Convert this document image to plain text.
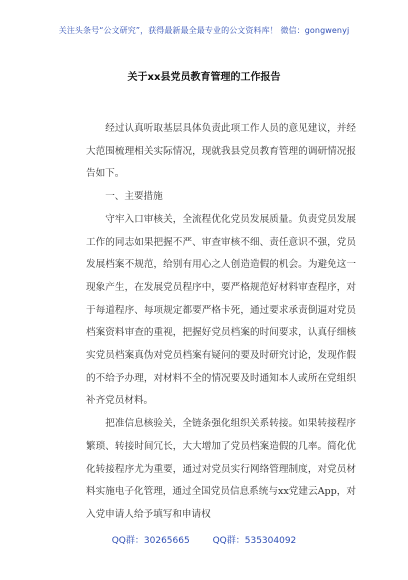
关注头条号“公文研究”，获得最新最全最专业的公文资料库！ 微信：gongwenyj
关于xx县党员教育管理的工作报告

经过认真听取基层具体负责此项工作人员的意见建议，并经大范围梳理相关实际情况，现就我县党员教育管理的调研情况报告如下。

一、主要措施

守牢入口审核关，全流程优化党员发展质量。负责党员发展工作的同志如果把握不严、审查审核不细、责任意识不强，党员发展档案不规范，给别有用心之人创造造假的机会。为避免这一现象产生，在发展党员程序中，要严格规范好材料审查程序，对于每道程序、每项规定都要严格卡死，通过要求承责倒逼对党员档案资料审查的重视，把握好党员档案的时间要求，认真仔细核实党员档案真伪对党员档案有疑问的要及时研究讨论，发现作假的不给予办理，对材料不全的情况要及时通知本人或所在党组织补齐党员材料。

把准信息核验关，全链条强化组织关系转接。如果转接程序繁琐、转接时间冗长，大大增加了党员档案造假的几率。简化优化转接程序尤为重要，通过对党员实行网络管理制度，对党员材料实施电子化管理，通过全国党员信息系统与xx党建云App，对入党申请人给予填写和申请权

QQ群：30265665	QQ群：535304092
